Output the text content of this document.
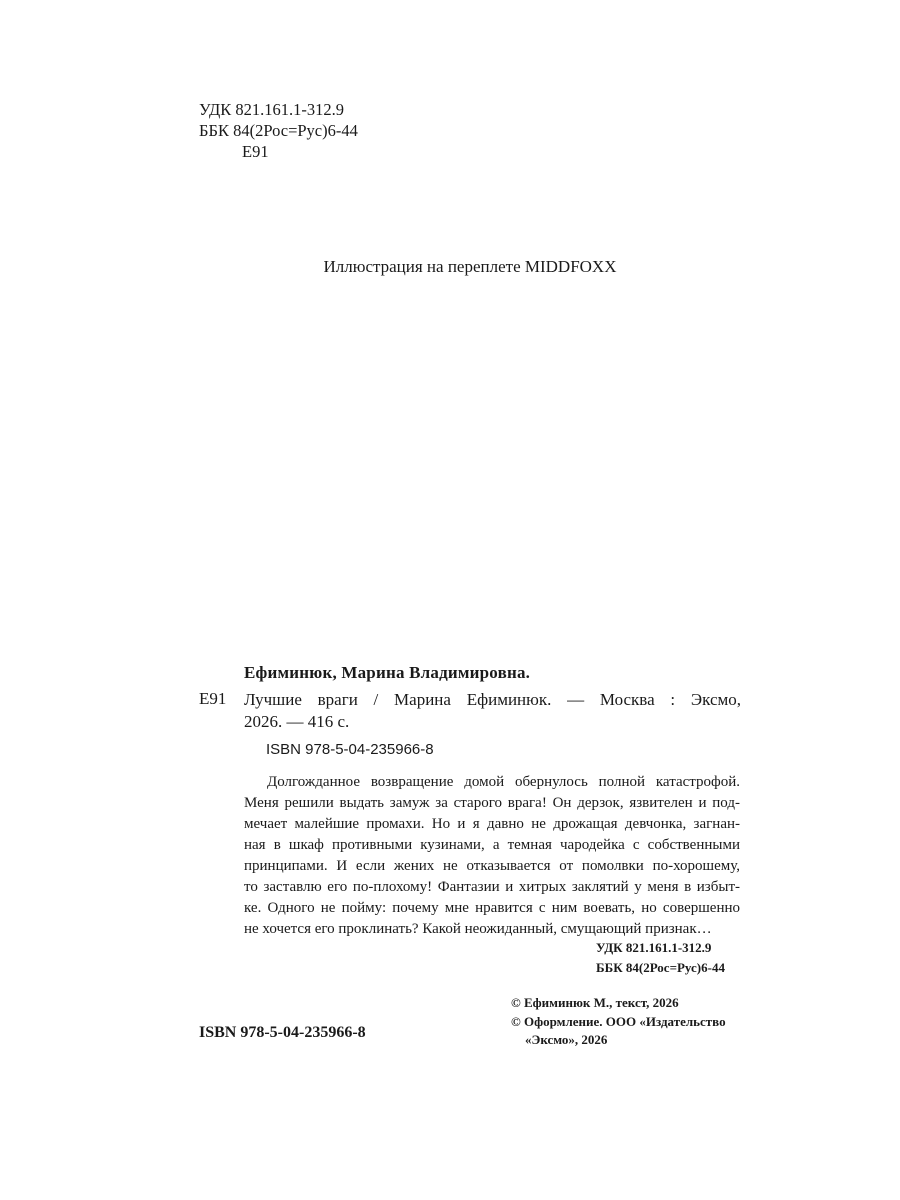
УДК 821.161.1-312.9
ББК 84(2Рос=Рус)6-44
Е91
Иллюстрация на переплете MIDDFOXX
Ефиминюк, Марина Владимировна.
Е91 Лучшие враги / Марина Ефиминюк. — Москва : Эксмо,
2026. — 416 с.
ISBN 978-5-04-235966-8
Долгожданное возвращение домой обернулось полной катастрофой.
Меня решили выдать замуж за старого врага! Он дерзок, язвителен и под-
мечает малейшие промахи. Но и я давно не дрожащая девчонка, загнан-
ная в шкаф противными кузинами, а темная чародейка с собственными
принципами. И если жених не отказывается от помолвки по-хорошему,
то заставлю его по-плохому! Фантазии и хитрых заклятий у меня в избыт-
ке. Одного не пойму: почему мне нравится с ним воевать, но совершенно
не хочется его проклинать? Какой неожиданный, смущающий признак…
УДК 821.161.1-312.9
ББК 84(2Рос=Рус)6-44
ISBN 978-5-04-235966-8
© Ефиминюк М., текст, 2026
© Оформление. ООО «Издательство
«Эксмо», 2026
